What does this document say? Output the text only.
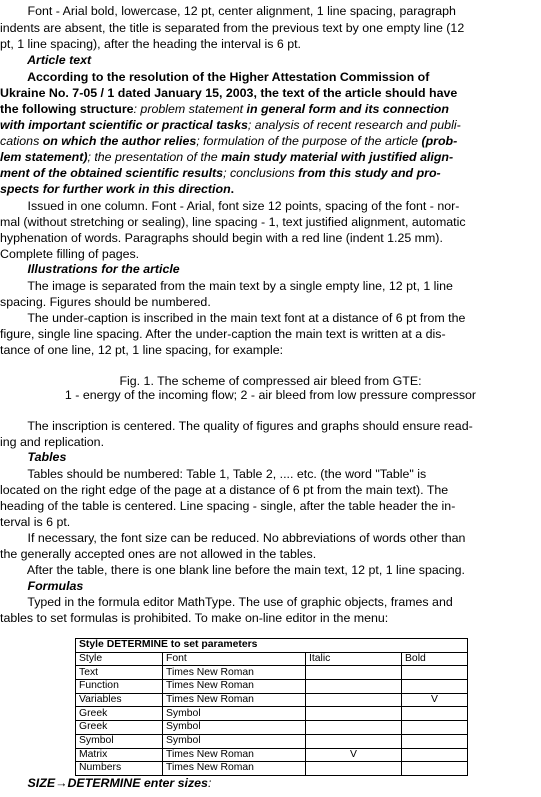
Font - Arial bold, lowercase, 12 pt, center alignment, 1 line spacing, paragraph
indents are absent, the title is separated from the previous text by one empty line (12
pt, 1 line spacing), after the heading the interval is 6 pt.
Article text
According to the resolution of the Higher Attestation Commission of
Ukraine No. 7-05 / 1 dated January 15, 2003, the text of the article should have
the following structure: problem statement in general form and its connection
with important scientific or practical tasks; analysis of recent research and publi-
cations on which the author relies; formulation of the purpose of the article (prob-
lem statement); the presentation of the main study material with justified align-
ment of the obtained scientific results; conclusions from this study and pro-
spects for further work in this direction.
Issued in one column. Font - Arial, font size 12 points, spacing of the font - nor-
mal (without stretching or sealing), line spacing - 1, text justified alignment, automatic
hyphenation of words. Paragraphs should begin with a red line (indent 1.25 mm).
Complete filling of pages.
Illustrations for the article
The image is separated from the main text by a single empty line, 12 pt, 1 line
spacing. Figures should be numbered.
The under-caption is inscribed in the main text font at a distance of 6 pt from the
figure, single line spacing. After the under-caption the main text is written at a dis-
tance of one line, 12 pt, 1 line spacing, for example:
Fig. 1. The scheme of compressed air bleed from GTE:
1 - energy of the incoming flow; 2 - air bleed from low pressure compressor
The inscription is centered. The quality of figures and graphs should ensure read-
ing and replication.
Tables
Tables should be numbered: Table 1, Table 2, .... etc. (the word "Table" is
located on the right edge of the page at a distance of 6 pt from the main text). The
heading of the table is centered. Line spacing - single, after the table header the in-
terval is 6 pt.
If necessary, the font size can be reduced. No abbreviations of words other than
the generally accepted ones are not allowed in the tables.
After the table, there is one blank line before the main text, 12 pt, 1 line spacing.
Formulas
Typed in the formula editor MathType. The use of graphic objects, frames and
tables to set formulas is prohibited. To make on-line editor in the menu:
Style DETERMINE to set parameters			
Style	Font	Italic	Bold
Text	Times New Roman		
Function	Times New Roman		
Variables	Times New Roman		V
Greek	Symbol		
Greek	Symbol		
Symbol	Symbol		
Matrix	Times New Roman	V	
Numbers	Times New Roman		
SIZE→DETERMINE enter sizes:
